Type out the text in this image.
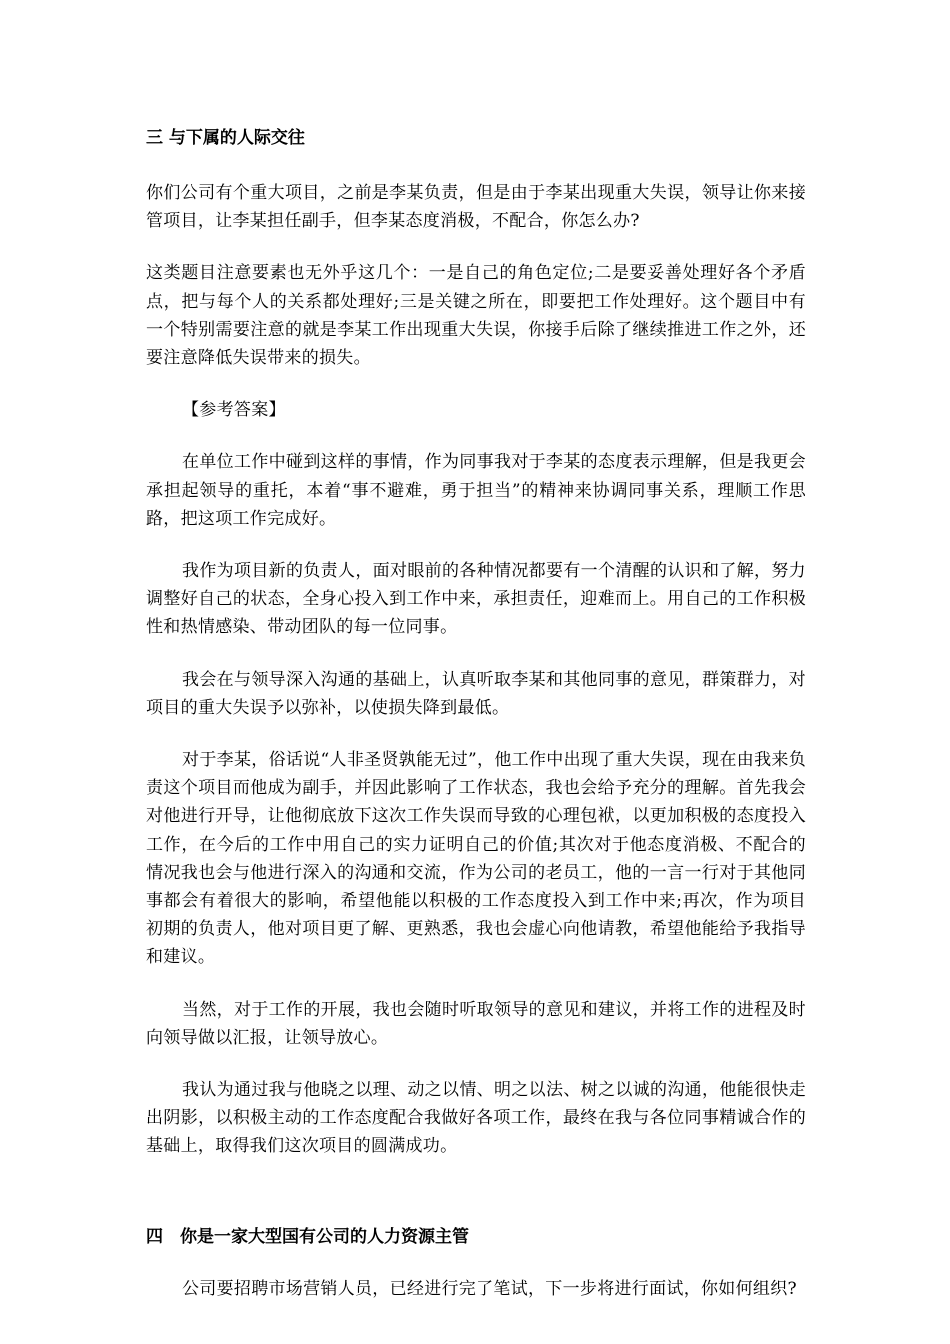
三 与下属的人际交往

你们公司有个重大项目，之前是李某负责，但是由于李某出现重大失误，领导让你来接管项目，让李某担任副手，但李某态度消极，不配合，你怎么办?

这类题目注意要素也无外乎这几个：一是自己的角色定位;二是要妥善处理好各个矛盾点，把与每个人的关系都处理好;三是关键之所在，即要把工作处理好。这个题目中有一个特别需要注意的就是李某工作出现重大失误，你接手后除了继续推进工作之外，还要注意降低失误带来的损失。

【参考答案】

在单位工作中碰到这样的事情，作为同事我对于李某的态度表示理解，但是我更会承担起领导的重托，本着“事不避难，勇于担当”的精神来协调同事关系，理顺工作思路，把这项工作完成好。

我作为项目新的负责人，面对眼前的各种情况都要有一个清醒的认识和了解，努力调整好自己的状态，全身心投入到工作中来，承担责任，迎难而上。用自己的工作积极性和热情感染、带动团队的每一位同事。

我会在与领导深入沟通的基础上，认真听取李某和其他同事的意见，群策群力，对项目的重大失误予以弥补，以使损失降到最低。

对于李某，俗话说“人非圣贤孰能无过”，他工作中出现了重大失误，现在由我来负责这个项目而他成为副手，并因此影响了工作状态，我也会给予充分的理解。首先我会对他进行开导，让他彻底放下这次工作失误而导致的心理包袱，以更加积极的态度投入工作，在今后的工作中用自己的实力证明自己的价值;其次对于他态度消极、不配合的情况我也会与他进行深入的沟通和交流，作为公司的老员工，他的一言一行对于其他同事都会有着很大的影响，希望他能以积极的工作态度投入到工作中来;再次，作为项目初期的负责人，他对项目更了解、更熟悉，我也会虚心向他请教，希望他能给予我指导和建议。

当然，对于工作的开展，我也会随时听取领导的意见和建议，并将工作的进程及时向领导做以汇报，让领导放心。

我认为通过我与他晓之以理、动之以情、明之以法、树之以诚的沟通，他能很快走出阴影，以积极主动的工作态度配合我做好各项工作，最终在我与各位同事精诚合作的基础上，取得我们这次项目的圆满成功。

四　你是一家大型国有公司的人力资源主管

公司要招聘市场营销人员，已经进行完了笔试，下一步将进行面试，你如何组织?
